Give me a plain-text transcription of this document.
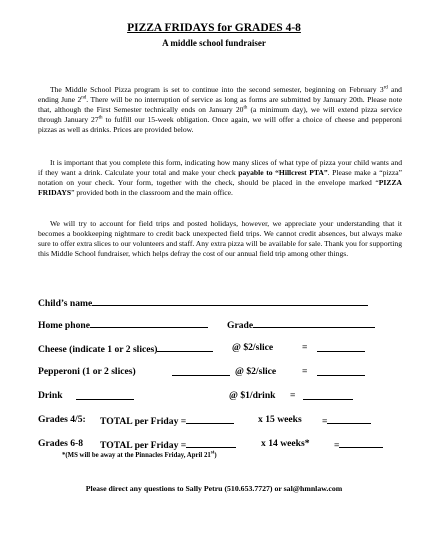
PIZZA FRIDAYS for GRADES 4-8
A middle school fundraiser

The Middle School Pizza program is set to continue into the second semester, beginning on February 3rd and ending June 2nd. There will be no interruption of service as long as forms are submitted by January 20th. Please note that, although the First Semester technically ends on January 20th (a minimum day), we will extend pizza service through January 27th to fulfill our 15-week obligation. Once again, we will offer a choice of cheese and pepperoni pizzas as well as drinks. Prices are provided below.

It is important that you complete this form, indicating how many slices of what type of pizza your child wants and if they want a drink. Calculate your total and make your check payable to “Hillcrest PTA”. Please make a “pizza” notation on your check. Your form, together with the check, should be placed in the envelope marked “PIZZA FRIDAYS” provided both in the classroom and the main office.

We will try to account for field trips and posted holidays, however, we appreciate your understanding that it becomes a bookkeeping nightmare to credit back unexpected field trips. We cannot credit absences, but always make sure to offer extra slices to our volunteers and staff. Any extra pizza will be available for sale. Thank you for supporting this Middle School fundraiser, which helps defray the cost of our annual field trip among other things.

Child’s name
Home phone	Grade
Cheese (indicate 1 or 2 slices)	@ $2/slice	=
Pepperoni (1 or 2 slices)	@ $2/slice	=
Drink	@ $1/drink =
Grades 4/5: TOTAL per Friday =	x 15 weeks =
Grades 6-8 TOTAL per Friday =	x 14 weeks*	=
*(MS will be away at the Pinnacles Friday, April 21st)
Please direct any questions to Sally Petru (510.653.7727) or sal@hmnlaw.com
